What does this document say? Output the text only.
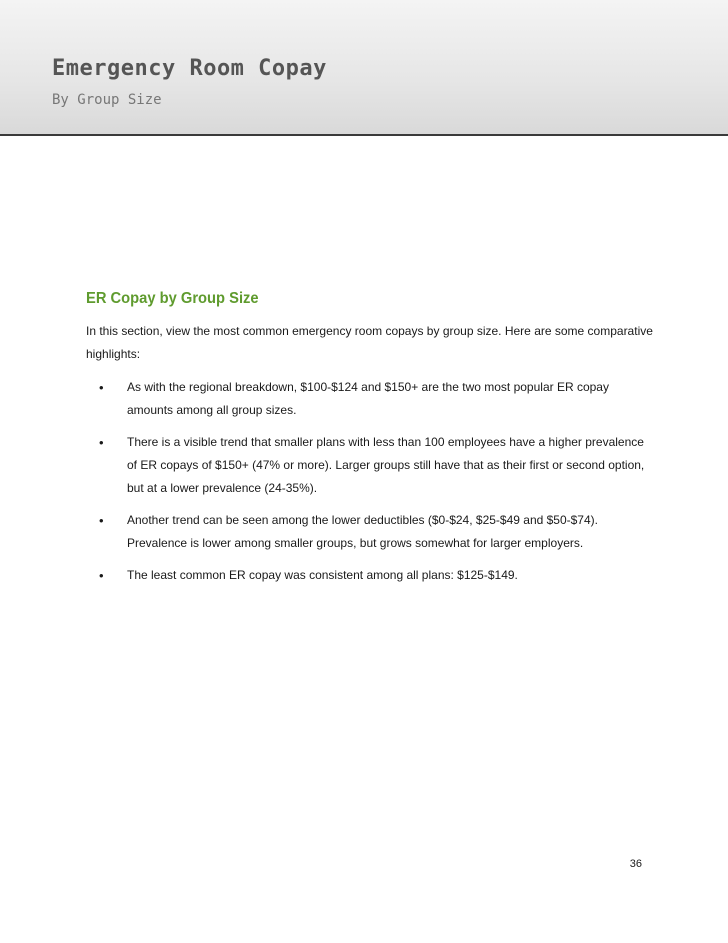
Emergency Room Copay
By Group Size
ER Copay by Group Size

In this section, view the most common emergency room copays by group size. Here are some comparative highlights:

• As with the regional breakdown, $100-$124 and $150+ are the two most popular ER copay amounts among all group sizes.
• There is a visible trend that smaller plans with less than 100 employees have a higher prevalence of ER copays of $150+ (47% or more). Larger groups still have that as their first or second option, but at a lower prevalence (24-35%).
• Another trend can be seen among the lower deductibles ($0-$24, $25-$49 and $50-$74). Prevalence is lower among smaller groups, but grows somewhat for larger employers.
• The least common ER copay was consistent among all plans: $125-$149.
36
